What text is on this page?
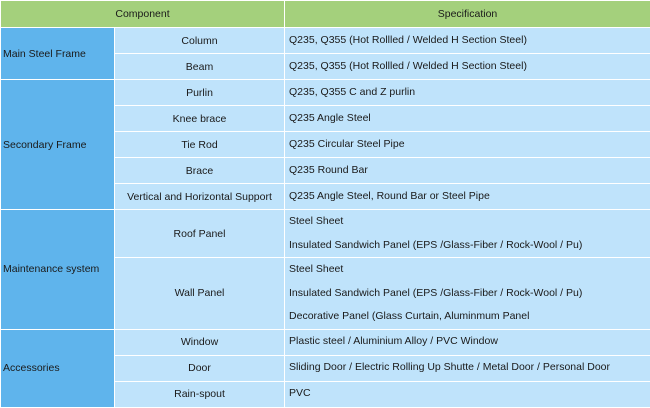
Component		Specification
Main Steel Frame	Column	Q235, Q355 (Hot Rollled / Welded H Section Steel)

	Beam	Q235, Q355 (Hot Rollled / Welded H Section Steel)

Secondary Frame	Purlin	Q235, Q355 C and Z purlin

	Knee brace	Q235 Angle Steel

	Tie Rod	Q235 Circular Steel Pipe

	Brace	Q235 Round Bar

	Vertical and Horizontal Support	Q235 Angle Steel, Round Bar or Steel Pipe

Maintenance system	Roof Panel	Steel Sheet
Insulated Sandwich Panel (EPS /Glass-Fiber / Rock-Wool / Pu)

	Wall Panel	Steel Sheet
Insulated Sandwich Panel (EPS /Glass-Fiber / Rock-Wool / Pu)
Decorative Panel (Glass Curtain, Aluminmum Panel

Accessories	Window	Plastic steel / Aluminium Alloy / PVC Window

	Door	Sliding Door / Electric Rolling Up Shutte / Metal Door / Personal Door

	Rain-spout	PVC
